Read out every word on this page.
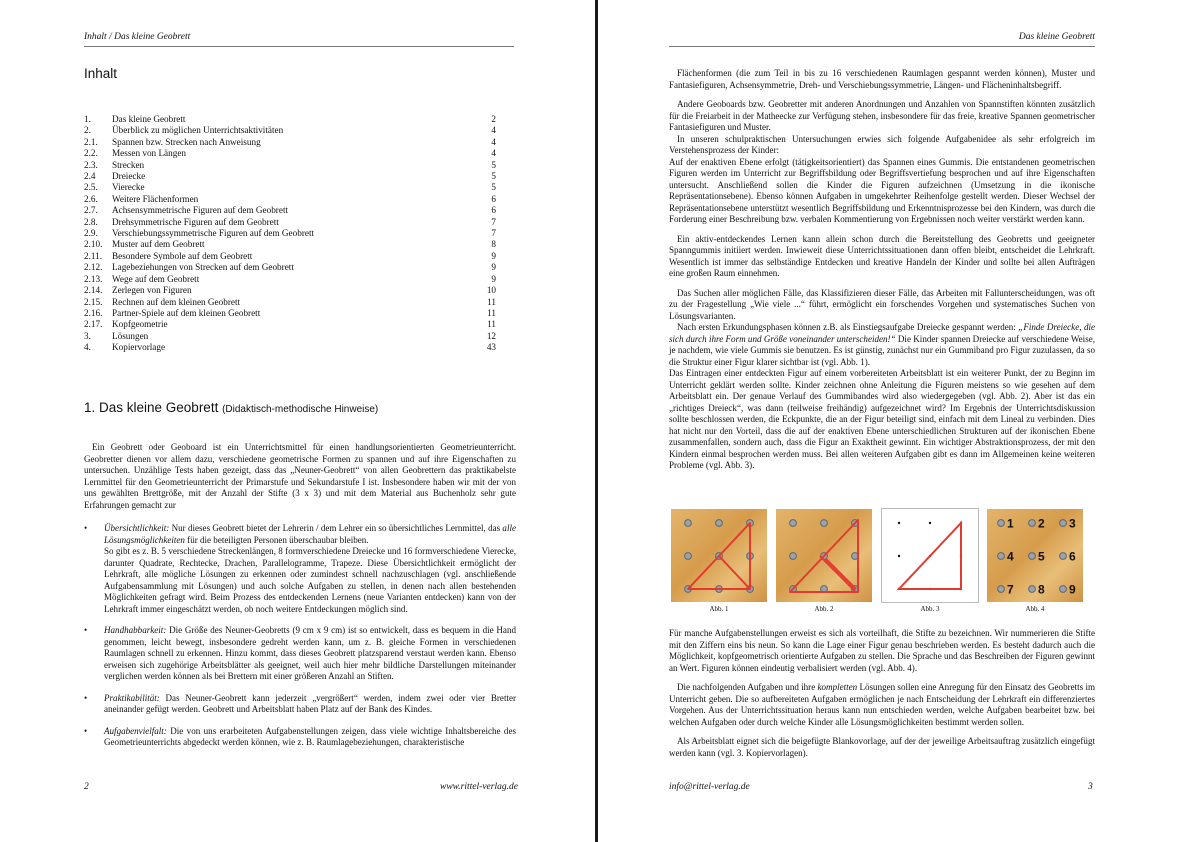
Inhalt / Das kleine Geobrett
Inhalt
1.	Das kleine Geobrett	2
2.	Überblick zu möglichen Unterrichtsaktivitäten	4
2.1.	Spannen bzw. Strecken nach Anweisung	4
2.2.	Messen von Längen	4
2.3.	Strecken	5
2.4	Dreiecke	5
2.5.	Vierecke	5
2.6.	Weitere Flächenformen	6
2.7.	Achsensymmetrische Figuren auf dem Geobrett	6
2.8.	Drehsymmetrische Figuren auf dem Geobrett	7
2.9.	Verschiebungssymmetrische Figuren auf dem Geobrett	7
2.10.	Muster auf dem Geobrett	8
2.11.	Besondere Symbole auf dem Geobrett	9
2.12.	Lagebeziehungen von Strecken auf dem Geobrett	9
2.13.	Wege auf dem Geobrett	9
2.14.	Zerlegen von Figuren	10
2.15.	Rechnen auf dem kleinen Geobrett	11
2.16.	Partner-Spiele auf dem kleinen Geobrett	11
2.17.	Kopfgeometrie	11
3.	Lösungen	12
4.	Kopiervorlage	43
1. Das kleine Geobrett (Didaktisch-methodische Hinweise)

Ein Geobrett oder Geoboard ist ein Unterrichtsmittel für einen handlungsorientierten Geometrieunterricht. Geobretter dienen vor allem dazu, verschiedene geometrische Formen zu spannen und auf ihre Eigenschaften zu untersuchen. Unzählige Tests haben gezeigt, dass das „Neuner-Geobrett“ von allen Geobrettern das praktikabelste Lernmittel für den Geometrieunterricht der Primarstufe und Sekundarstufe I ist. Insbesondere haben wir mit der von uns gewählten Brettgröße, mit der Anzahl der Stifte (3 x 3) und mit dem Material aus Buchenholz sehr gute Erfahrungen gemacht zur

•	Übersichtlichkeit: Nur dieses Geobrett bietet der Lehrerin / dem Lehrer ein so übersichtliches Lernmittel, das alle Lösungsmöglichkeiten für die beteiligten Personen überschaubar bleiben.
So gibt es z. B. 5 verschiedene Streckenlängen, 8 formverschiedene Dreiecke und 16 formverschiedene Vierecke, darunter Quadrate, Rechtecke, Drachen, Parallelogramme, Trapeze. Diese Übersichtlichkeit ermöglicht der Lehrkraft, alle mögliche Lösungen zu erkennen oder zumindest schnell nachzuschlagen (vgl. anschließende Aufgabensammlung mit Lösungen) und auch solche Aufgaben zu stellen, in denen nach allen bestehenden Möglichkeiten gefragt wird. Beim Prozess des entdeckenden Lernens (neue Varianten entdecken) kann von der Lehrkraft immer eingeschätzt werden, ob noch weitere Entdeckungen möglich sind.
•	Handhabbarkeit: Die Größe des Neuner-Geobretts (9 cm x 9 cm) ist so entwickelt, dass es bequem in die Hand genommen, leicht bewegt, insbesondere gedreht werden kann, um z. B. gleiche Formen in verschiedenen Raumlagen schnell zu erkennen. Hinzu kommt, dass dieses Geobrett platzsparend verstaut werden kann. Ebenso erweisen sich zugehörige Arbeitsblätter als geeignet, weil auch hier mehr bildliche Darstellungen miteinander verglichen werden können als bei Brettern mit einer größeren Anzahl an Stiften.
•	Praktikabilität: Das Neuner-Geobrett kann jederzeit „vergrößert“ werden, indem zwei oder vier Bretter aneinander gefügt werden. Geobrett und Arbeitsblatt haben Platz auf der Bank des Kindes.
•	Aufgabenvielfalt: Die von uns erarbeiteten Aufgabenstellungen zeigen, dass viele wichtige Inhaltsbereiche des Geometrieunterrichts abgedeckt werden können, wie z. B. Raumlagebeziehungen, charakteristische
2	www.rittel-verlag.de
Das kleine Geobrett

Flächenformen (die zum Teil in bis zu 16 verschiedenen Raumlagen gespannt werden können), Muster und Fantasiefiguren, Achsensymmetrie, Dreh- und Verschiebungssymmetrie, Längen- und Flächeninhaltsbegriff.

Andere Geoboards bzw. Geobretter mit anderen Anordnungen und Anzahlen von Spannstiften könnten zusätzlich für die Freiarbeit in der Matheecke zur Verfügung stehen, insbesondere für das freie, kreative Spannen geometrischer Fantasiefiguren und Muster.

In unseren schulpraktischen Untersuchungen erwies sich folgende Aufgabenidee als sehr erfolgreich im Verstehensprozess der Kinder:

Auf der enaktiven Ebene erfolgt (tätigkeitsorientiert) das Spannen eines Gummis. Die entstandenen geometrischen Figuren werden im Unterricht zur Begriffsbildung oder Begriffsvertiefung besprochen und auf ihre Eigenschaften untersucht. Anschließend sollen die Kinder die Figuren aufzeichnen (Umsetzung in die ikonische Repräsentationsebene). Ebenso können Aufgaben in umgekehrter Reihenfolge gestellt werden. Dieser Wechsel der Repräsentationsebene unterstützt wesentlich Begriffsbildung und Erkenntnisprozesse bei den Kindern, was durch die Forderung einer Beschreibung bzw. verbalen Kommentierung von Ergebnissen noch weiter verstärkt werden kann.

Ein aktiv-entdeckendes Lernen kann allein schon durch die Bereitstellung des Geobretts und geeigneter Spanngummis initiiert werden. Inwieweit diese Unterrichtssituationen dann offen bleibt, entscheidet die Lehrkraft. Wesentlich ist immer das selbständige Entdecken und kreative Handeln der Kinder und sollte bei allen Aufträgen eine großen Raum einnehmen.

Das Suchen aller möglichen Fälle, das Klassifizieren dieser Fälle, das Arbeiten mit Fallunterscheidungen, was oft zu der Fragestellung „Wie viele ...“ führt, ermöglicht ein forschendes Vorgehen und systematisches Suchen von Lösungsvarianten.

Nach ersten Erkundungsphasen können z.B. als Einstiegsaufgabe Dreiecke gespannt werden: „Finde Dreiecke, die sich durch ihre Form und Größe voneinander unterscheiden!“ Die Kinder spannen Dreiecke auf verschiedene Weise, je nachdem, wie viele Gummis sie benutzen. Es ist günstig, zunächst nur ein Gummiband pro Figur zuzulassen, da so die Struktur einer Figur klarer sichtbar ist (vgl. Abb. 1).

Das Eintragen einer entdeckten Figur auf einem vorbereiteten Arbeitsblatt ist ein weiterer Punkt, der zu Beginn im Unterricht geklärt werden sollte. Kinder zeichnen ohne Anleitung die Figuren meistens so wie gesehen auf dem Arbeitsblatt ein. Der genaue Verlauf des Gummibandes wird also wiedergegeben (vgl. Abb. 2). Aber ist das ein „richtiges Dreieck“, was dann (teilweise freihändig) aufgezeichnet wird? Im Ergebnis der Unterrichtsdiskussion sollte beschlossen werden, die Eckpunkte, die an der Figur beteiligt sind, einfach mit dem Lineal zu verbinden. Dies hat nicht nur den Vorteil, dass die auf der enaktiven Ebene unterschiedlichen Strukturen auf der ikonischen Ebene zusammenfallen, sondern auch, dass die Figur an Exaktheit gewinnt. Ein wichtiger Abstraktionsprozess, der mit den Kindern einmal besprochen werden muss. Bei allen weiteren Aufgaben gibt es dann im Allgemeinen keine weiteren Probleme (vgl. Abb. 3).

Abb. 1	Abb. 2	Abb. 3
1 2 3
4 5 6
7 8 9
Abb. 4

Für manche Aufgabenstellungen erweist es sich als vorteilhaft, die Stifte zu bezeichnen. Wir nummerieren die Stifte mit den Ziffern eins bis neun. So kann die Lage einer Figur genau beschrieben werden. Es besteht dadurch auch die Möglichkeit, kopfgeometrisch orientierte Aufgaben zu stellen. Die Sprache und das Beschreiben der Figuren gewinnt an Wert. Figuren können eindeutig verbalisiert werden (vgl. Abb. 4).

Die nachfolgenden Aufgaben und ihre kompletten Lösungen sollen eine Anregung für den Einsatz des Geobretts im Unterricht geben. Die so aufbereiteten Aufgaben ermöglichen je nach Entscheidung der Lehrkraft ein differenziertes Vorgehen. Aus der Unterrichtssituation heraus kann nun entschieden werden, welche Aufgaben bearbeitet bzw. bei welchen Aufgaben oder durch welche Kinder alle Lösungsmöglichkeiten bestimmt werden sollen.

Als Arbeitsblatt eignet sich die beigefügte Blankovorlage, auf der der jeweilige Arbeitsauftrag zusätzlich eingefügt werden kann (vgl. 3. Kopiervorlagen).

info@rittel-verlag.de	3
